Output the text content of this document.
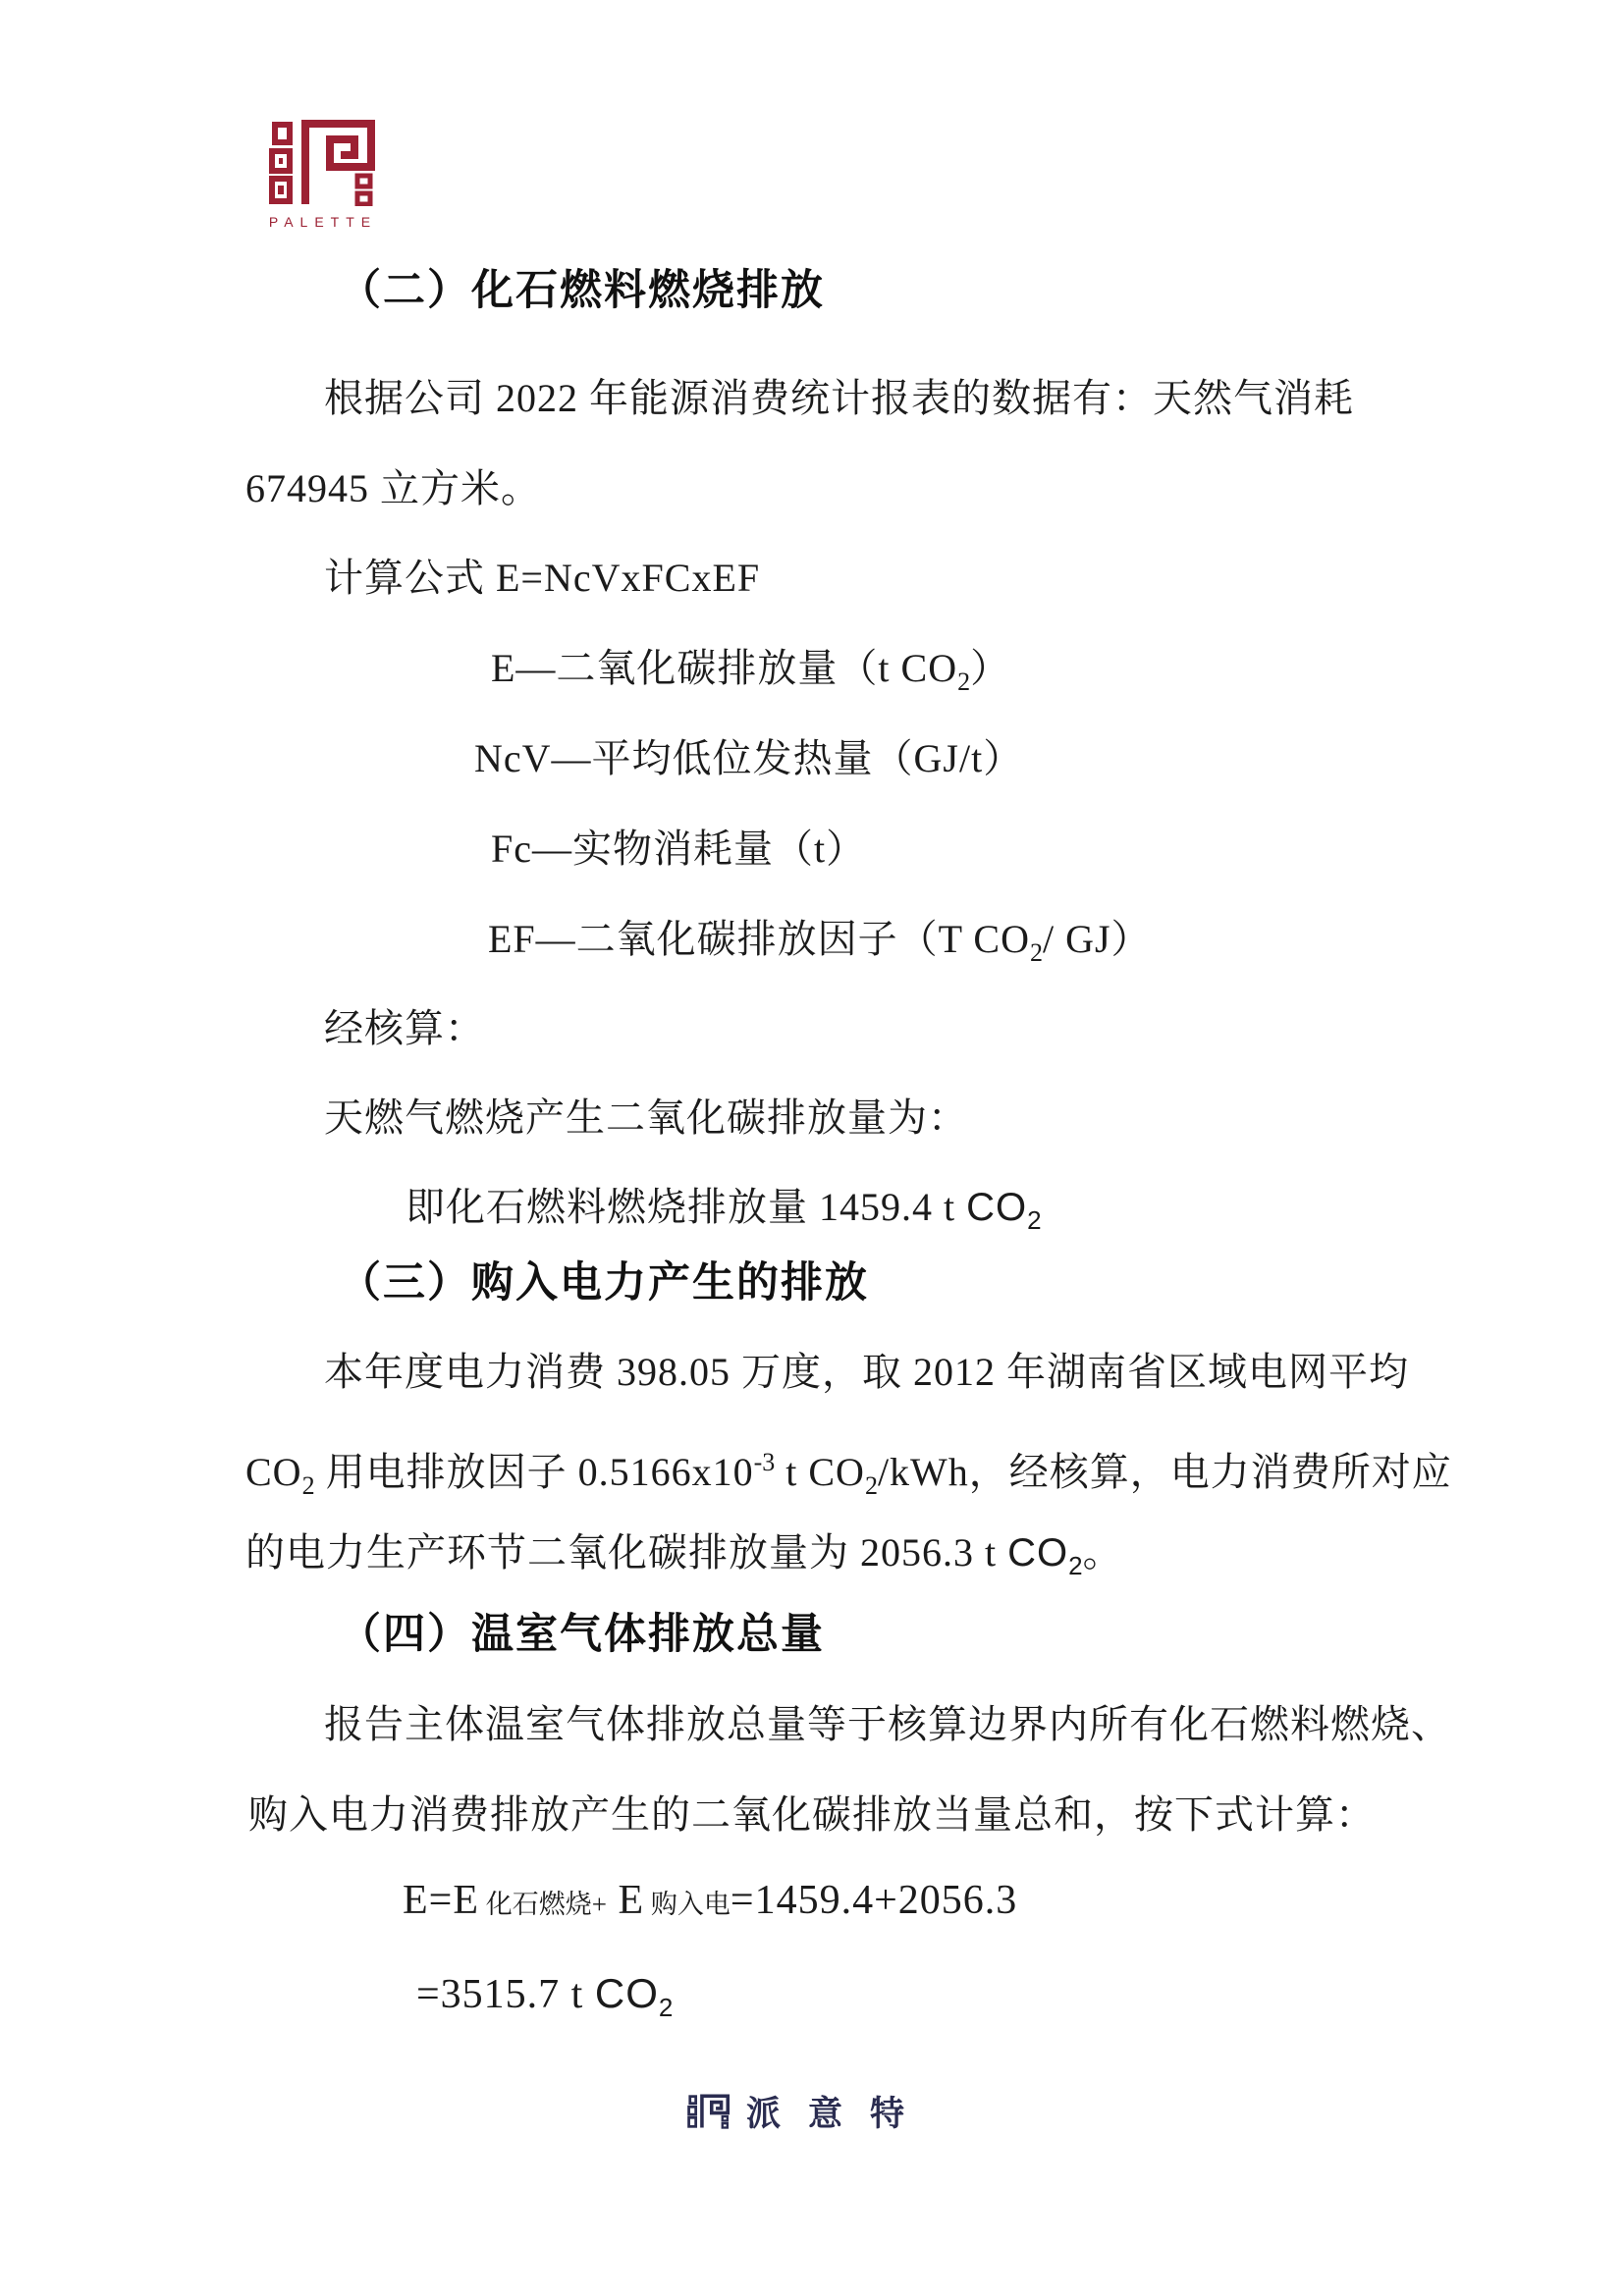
PALETTE
（二）化石燃料燃烧排放
根据公司 2022 年能源消费统计报表的数据有：天然气消耗
674945 立方米。
计算公式 E=NcVxFCxEF
E—二氧化碳排放量（t $CO_2$）
NcV—平均低位发热量（GJ/t）
Fc—实物消耗量（t）
EF—二氧化碳排放因子（T $CO_2/$ GJ）
经核算：
天燃气燃烧产生二氧化碳排放量为：
即化石燃料燃烧排放量 1459.4 t $CO_2$
（三）购入电力产生的排放
本年度电力消费 398.05 万度，取 2012 年湖南省区域电网平均
$CO_2$ 用电排放因子 $0.5166x10^{-3}$ t $CO_2$/kWh，经核算，电力消费所对应
的电力生产环节二氧化碳排放量为 2056.3 t $CO_2$。
（四）温室气体排放总量
报告主体温室气体排放总量等于核算边界内所有化石燃料燃烧、
购入电力消费排放产生的二氧化碳排放当量总和，按下式计算：
E=E 化石燃烧+ E 购入电=1459.4+2056.3
=3515.7 t $CO_2$
派意特
